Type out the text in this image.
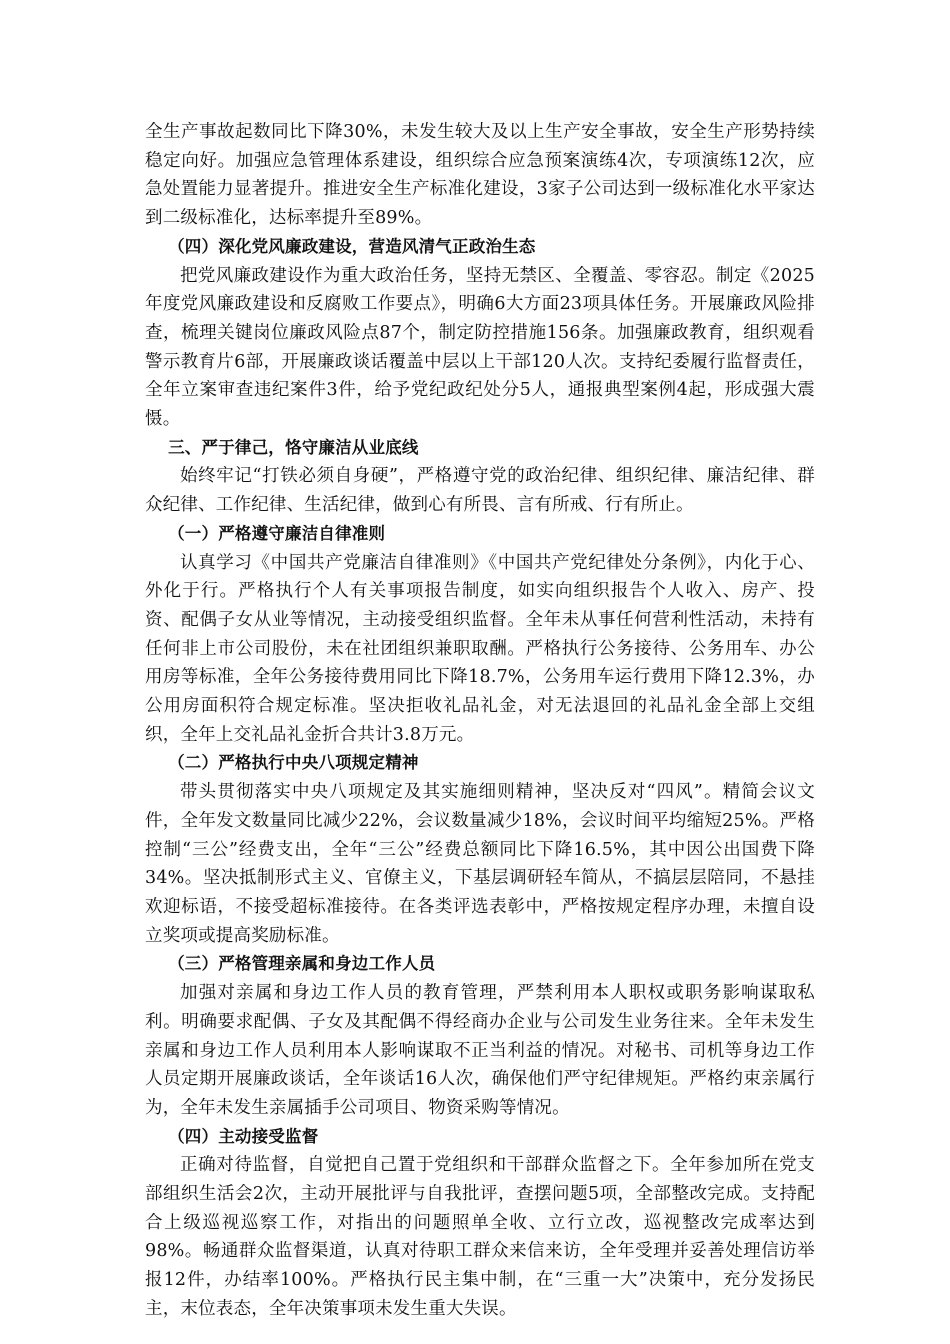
全生产事故起数同比下降30%，未发生较大及以上生产安全事故，安全生产形势持续稳定向好。加强应急管理体系建设，组织综合应急预案演练4次，专项演练12次，应急处置能力显著提升。推进安全生产标准化建设，3家子公司达到一级标准化水平家达到二级标准化，达标率提升至89%。

（四）深化党风廉政建设，营造风清气正政治生态

把党风廉政建设作为重大政治任务，坚持无禁区、全覆盖、零容忍。制定《2025年度党风廉政建设和反腐败工作要点》，明确6大方面23项具体任务。开展廉政风险排查，梳理关键岗位廉政风险点87个，制定防控措施156条。加强廉政教育，组织观看警示教育片6部，开展廉政谈话覆盖中层以上干部120人次。支持纪委履行监督责任，全年立案审查违纪案件3件，给予党纪政纪处分5人，通报典型案例4起，形成强大震慑。

三、严于律己，恪守廉洁从业底线

始终牢记“打铁必须自身硬”，严格遵守党的政治纪律、组织纪律、廉洁纪律、群众纪律、工作纪律、生活纪律，做到心有所畏、言有所戒、行有所止。

（一）严格遵守廉洁自律准则

认真学习《中国共产党廉洁自律准则》《中国共产党纪律处分条例》，内化于心、外化于行。严格执行个人有关事项报告制度，如实向组织报告个人收入、房产、投资、配偶子女从业等情况，主动接受组织监督。全年未从事任何营利性活动，未持有任何非上市公司股份，未在社团组织兼职取酬。严格执行公务接待、公务用车、办公用房等标准，全年公务接待费用同比下降18.7%，公务用车运行费用下降12.3%，办公用房面积符合规定标准。坚决拒收礼品礼金，对无法退回的礼品礼金全部上交组织，全年上交礼品礼金折合共计3.8万元。

（二）严格执行中央八项规定精神

带头贯彻落实中央八项规定及其实施细则精神，坚决反对“四风”。精简会议文件，全年发文数量同比减少22%，会议数量减少18%，会议时间平均缩短25%。严格控制“三公”经费支出，全年“三公”经费总额同比下降16.5%，其中因公出国费下降34%。坚决抵制形式主义、官僚主义，下基层调研轻车简从，不搞层层陪同，不悬挂欢迎标语，不接受超标准接待。在各类评选表彰中，严格按规定程序办理，未擅自设立奖项或提高奖励标准。

（三）严格管理亲属和身边工作人员

加强对亲属和身边工作人员的教育管理，严禁利用本人职权或职务影响谋取私利。明确要求配偶、子女及其配偶不得经商办企业与公司发生业务往来。全年未发生亲属和身边工作人员利用本人影响谋取不正当利益的情况。对秘书、司机等身边工作人员定期开展廉政谈话，全年谈话16人次，确保他们严守纪律规矩。严格约束亲属行为，全年未发生亲属插手公司项目、物资采购等情况。

（四）主动接受监督

正确对待监督，自觉把自己置于党组织和干部群众监督之下。全年参加所在党支部组织生活会2次，主动开展批评与自我批评，查摆问题5项，全部整改完成。支持配合上级巡视巡察工作，对指出的问题照单全收、立行立改，巡视整改完成率达到98%。畅通群众监督渠道，认真对待职工群众来信来访，全年受理并妥善处理信访举报12件，办结率100%。严格执行民主集中制，在“三重一大”决策中，充分发扬民主，末位表态，全年决策事项未发生重大失误。
